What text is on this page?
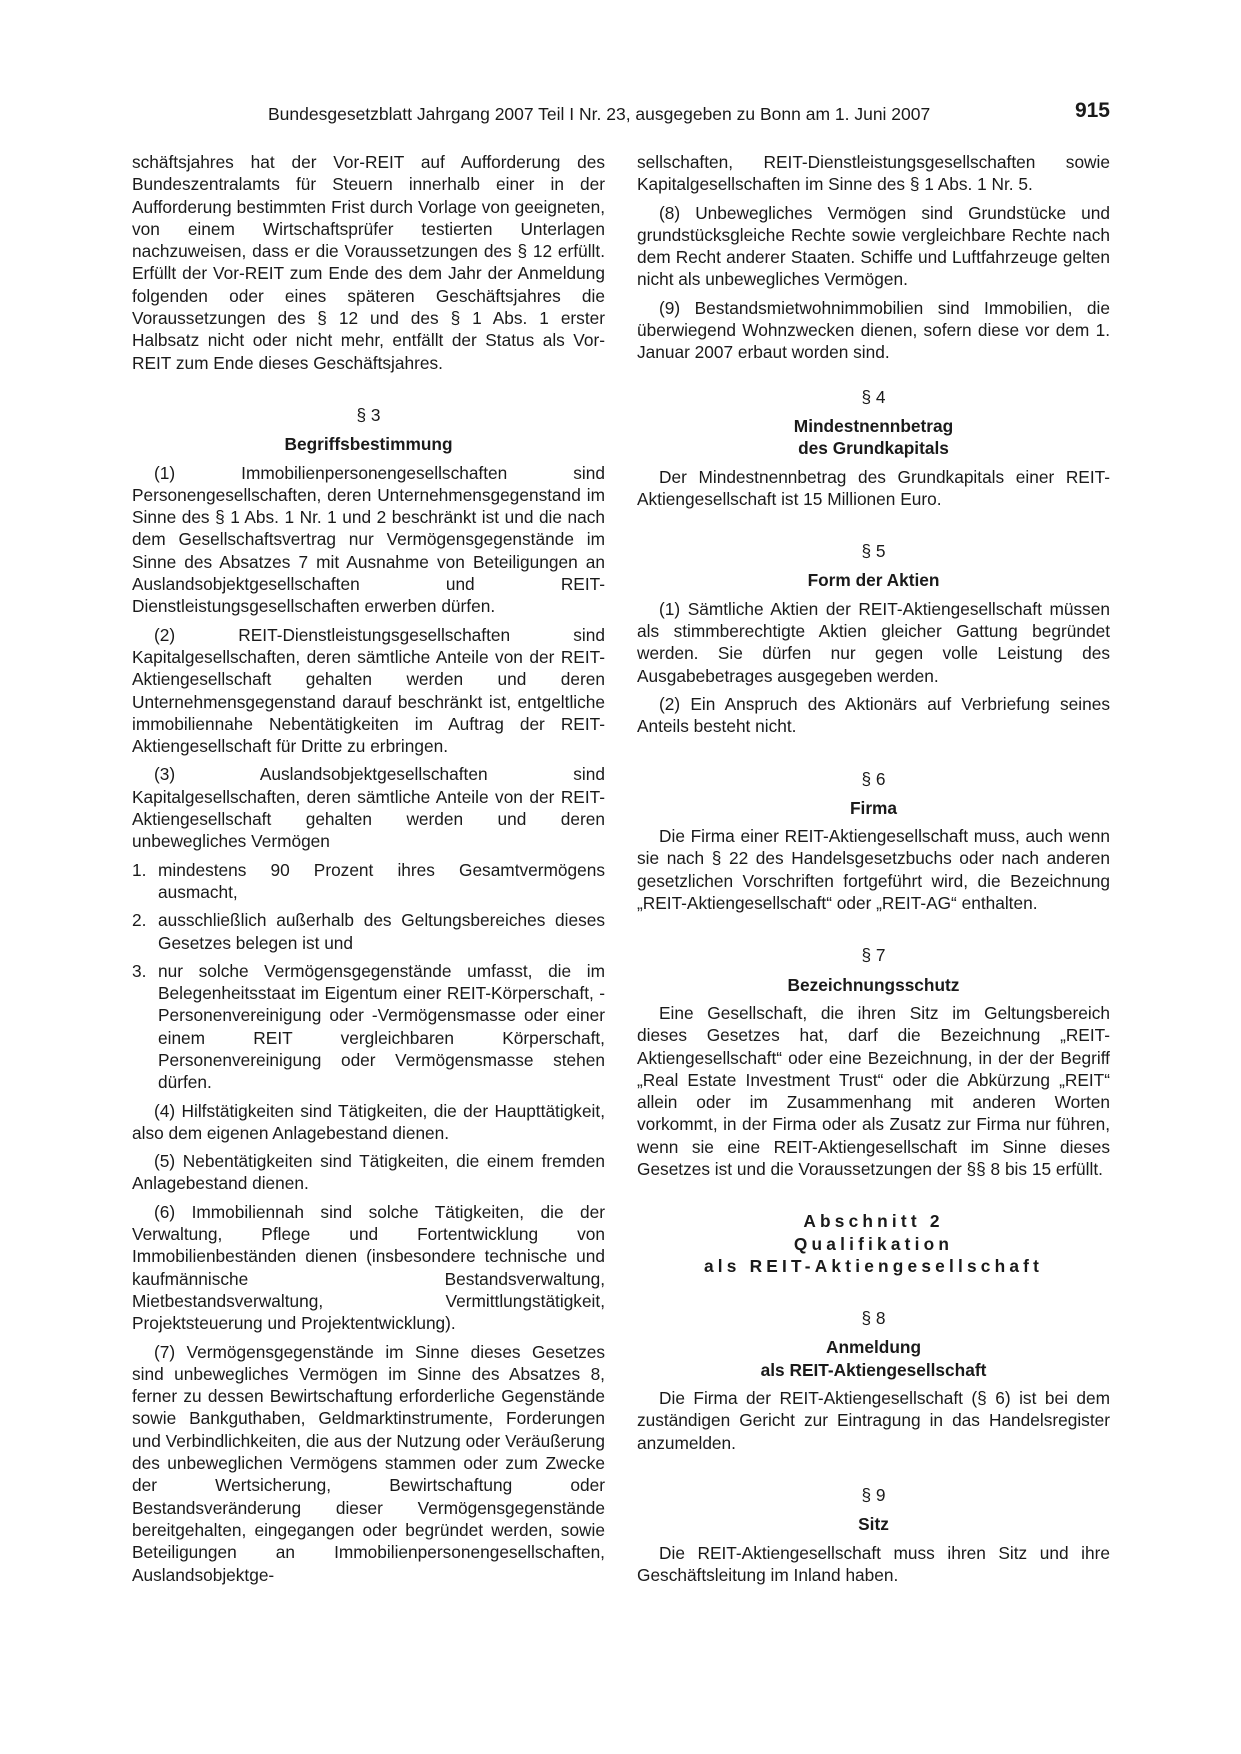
Bundesgesetzblatt Jahrgang 2007 Teil I Nr. 23, ausgegeben zu Bonn am 1. Juni 2007	915

schäftsjahres hat der Vor-REIT auf Aufforderung des Bundeszentralamts für Steuern innerhalb einer in der Aufforderung bestimmten Frist durch Vorlage von geeigneten, von einem Wirtschaftsprüfer testierten Unterlagen nachzuweisen, dass er die Voraussetzungen des § 12 erfüllt. Erfüllt der Vor-REIT zum Ende des dem Jahr der Anmeldung folgenden oder eines späteren Geschäftsjahres die Voraussetzungen des § 12 und des § 1 Abs. 1 erster Halbsatz nicht oder nicht mehr, entfällt der Status als Vor-REIT zum Ende dieses Geschäftsjahres.

§ 3
Begriffsbestimmung

(1) Immobilienpersonengesellschaften sind Personengesellschaften, deren Unternehmensgegenstand im Sinne des § 1 Abs. 1 Nr. 1 und 2 beschränkt ist und die nach dem Gesellschaftsvertrag nur Vermögensgegenstände im Sinne des Absatzes 7 mit Ausnahme von Beteiligungen an Auslandsobjektgesellschaften und REIT-Dienstleistungsgesellschaften erwerben dürfen.

(2) REIT-Dienstleistungsgesellschaften sind Kapitalgesellschaften, deren sämtliche Anteile von der REIT-Aktiengesellschaft gehalten werden und deren Unternehmensgegenstand darauf beschränkt ist, entgeltliche immobiliennahe Nebentätigkeiten im Auftrag der REIT-Aktiengesellschaft für Dritte zu erbringen.

(3) Auslandsobjektgesellschaften sind Kapitalgesellschaften, deren sämtliche Anteile von der REIT-Aktiengesellschaft gehalten werden und deren unbewegliches Vermögen

1. mindestens 90 Prozent ihres Gesamtvermögens ausmacht,
2. ausschließlich außerhalb des Geltungsbereiches dieses Gesetzes belegen ist und
3. nur solche Vermögensgegenstände umfasst, die im Belegenheitsstaat im Eigentum einer REIT-Körperschaft, -Personenvereinigung oder -Vermögensmasse oder einer einem REIT vergleichbaren Körperschaft, Personenvereinigung oder Vermögensmasse stehen dürfen.

(4) Hilfstätigkeiten sind Tätigkeiten, die der Haupttätigkeit, also dem eigenen Anlagebestand dienen.

(5) Nebentätigkeiten sind Tätigkeiten, die einem fremden Anlagebestand dienen.

(6) Immobiliennah sind solche Tätigkeiten, die der Verwaltung, Pflege und Fortentwicklung von Immobilienbeständen dienen (insbesondere technische und kaufmännische Bestandsverwaltung, Mietbestandsverwaltung, Vermittlungstätigkeit, Projektsteuerung und Projektentwicklung).

(7) Vermögensgegenstände im Sinne dieses Gesetzes sind unbewegliches Vermögen im Sinne des Absatzes 8, ferner zu dessen Bewirtschaftung erforderliche Gegenstände sowie Bankguthaben, Geldmarktinstrumente, Forderungen und Verbindlichkeiten, die aus der Nutzung oder Veräußerung des unbeweglichen Vermögens stammen oder zum Zwecke der Wertsicherung, Bewirtschaftung oder Bestandsveränderung dieser Vermögensgegenstände bereitgehalten, eingegangen oder begründet werden, sowie Beteiligungen an Immobilienpersonengesellschaften, Auslandsobjektge-

sellschaften, REIT-Dienstleistungsgesellschaften sowie Kapitalgesellschaften im Sinne des § 1 Abs. 1 Nr. 5.

(8) Unbewegliches Vermögen sind Grundstücke und grundstücksgleiche Rechte sowie vergleichbare Rechte nach dem Recht anderer Staaten. Schiffe und Luftfahrzeuge gelten nicht als unbewegliches Vermögen.

(9) Bestandsmietwohnimmobilien sind Immobilien, die überwiegend Wohnzwecken dienen, sofern diese vor dem 1. Januar 2007 erbaut worden sind.

§ 4
Mindestnennbetrag
des Grundkapitals

Der Mindestnennbetrag des Grundkapitals einer REIT-Aktiengesellschaft ist 15 Millionen Euro.

§ 5
Form der Aktien

(1) Sämtliche Aktien der REIT-Aktiengesellschaft müssen als stimmberechtigte Aktien gleicher Gattung begründet werden. Sie dürfen nur gegen volle Leistung des Ausgabebetrages ausgegeben werden.

(2) Ein Anspruch des Aktionärs auf Verbriefung seines Anteils besteht nicht.

§ 6
Firma

Die Firma einer REIT-Aktiengesellschaft muss, auch wenn sie nach § 22 des Handelsgesetzbuchs oder nach anderen gesetzlichen Vorschriften fortgeführt wird, die Bezeichnung „REIT-Aktiengesellschaft“ oder „REIT-AG“ enthalten.

§ 7
Bezeichnungsschutz

Eine Gesellschaft, die ihren Sitz im Geltungsbereich dieses Gesetzes hat, darf die Bezeichnung „REIT-Aktiengesellschaft“ oder eine Bezeichnung, in der der Begriff „Real Estate Investment Trust“ oder die Abkürzung „REIT“ allein oder im Zusammenhang mit anderen Worten vorkommt, in der Firma oder als Zusatz zur Firma nur führen, wenn sie eine REIT-Aktiengesellschaft im Sinne dieses Gesetzes ist und die Voraussetzungen der §§ 8 bis 15 erfüllt.

Abschnitt 2
Qualifikation
als REIT-Aktiengesellschaft
§ 8
Anmeldung
als REIT-Aktiengesellschaft

Die Firma der REIT-Aktiengesellschaft (§ 6) ist bei dem zuständigen Gericht zur Eintragung in das Handelsregister anzumelden.

§ 9
Sitz

Die REIT-Aktiengesellschaft muss ihren Sitz und ihre Geschäftsleitung im Inland haben.
